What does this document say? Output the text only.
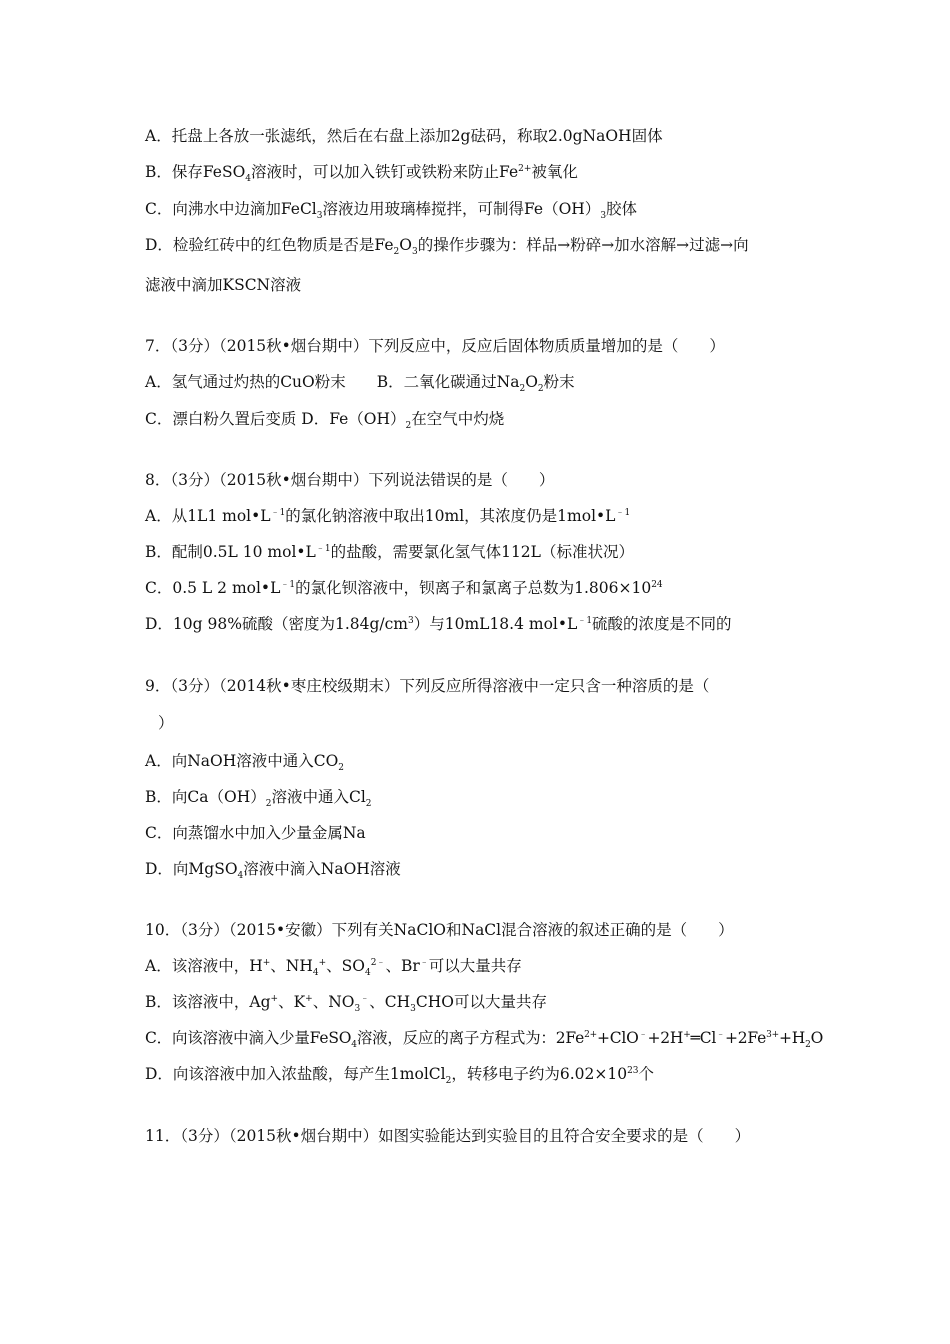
A．托盘上各放一张滤纸，然后在右盘上添加2g砝码，称取2.0gNaOH固体
B．保存FeSO$_4$溶液时，可以加入铁钉或铁粉来防止$Fe^{2+}$被氧化
C．向沸水中边滴加FeCl$_3$溶液边用玻璃棒搅拌，可制得$Fe(OH)_3$胶体
D．检验红砖中的红色物质是否是$Fe_2O_3$的操作步骤为：样品→粉碎→加水溶解→过滤→向
滤液中滴加KSCN溶液
7．（3分）（2015秋•烟台期中）下列反应中，反应后固体物质质量增加的是（　　）
A．氢气通过灼热的CuO粉末　　B．二氧化碳通过$Na_2O_2$粉末
C．漂白粉久置后变质 D．$Fe(OH)_2$在空气中灼烧
8．（3分）（2015秋•烟台期中）下列说法错误的是（　　）
A．从1L1 $mol•L^{﹣1}$的氯化钠溶液中取出10ml，其浓度仍是$1mol•L^{﹣1}$
B．配制0.5L 10 $mol•L^{﹣1}$的盐酸，需要氯化氢气体112L（标准状况）
C．0.5 L 2 $mol•L^{﹣1}$的氯化钡溶液中，钡离子和氯离子总数为$1.806\times 10^{24}$
D．10g 98%硫酸（密度为$1.84g/cm^3$）与10mL18.4 $mol•L^{﹣1}$硫酸的浓度是不同的
9．（3分）（2014秋•枣庄校级期末）下列反应所得溶液中一定只含一种溶质的是（
）
A．向NaOH溶液中通入$CO_2$
B．向$Ca(OH)_2$溶液中通入$Cl_2$
C．向蒸馏水中加入少量金属Na
D．向MgSO$_4$溶液中滴入NaOH溶液
10．（3分）（2015•安徽）下列有关NaClO和NaCl混合溶液的叙述正确的是（　　）
A．该溶液中，H+、$NH_4^+$、$SO_4^{2﹣}$、Br﹣可以大量共存
B．该溶液中，Ag+、K+、$NO_3^﹣$、$CH_3CHO$可以大量共存
C．向该溶液中滴入少量FeSO$_4$溶液，反应的离子方程式为：$2Fe^{2+}+ClO^﹣+2H^+═Cl^﹣+2Fe^{3+}+H_2O$
D．向该溶液中加入浓盐酸，每产生1molCl$_2$，转移电子约为$6.02\times 10^{23}$个
11．（3分）（2015秋•烟台期中）如图实验能达到实验目的且符合安全要求的是（　　）
